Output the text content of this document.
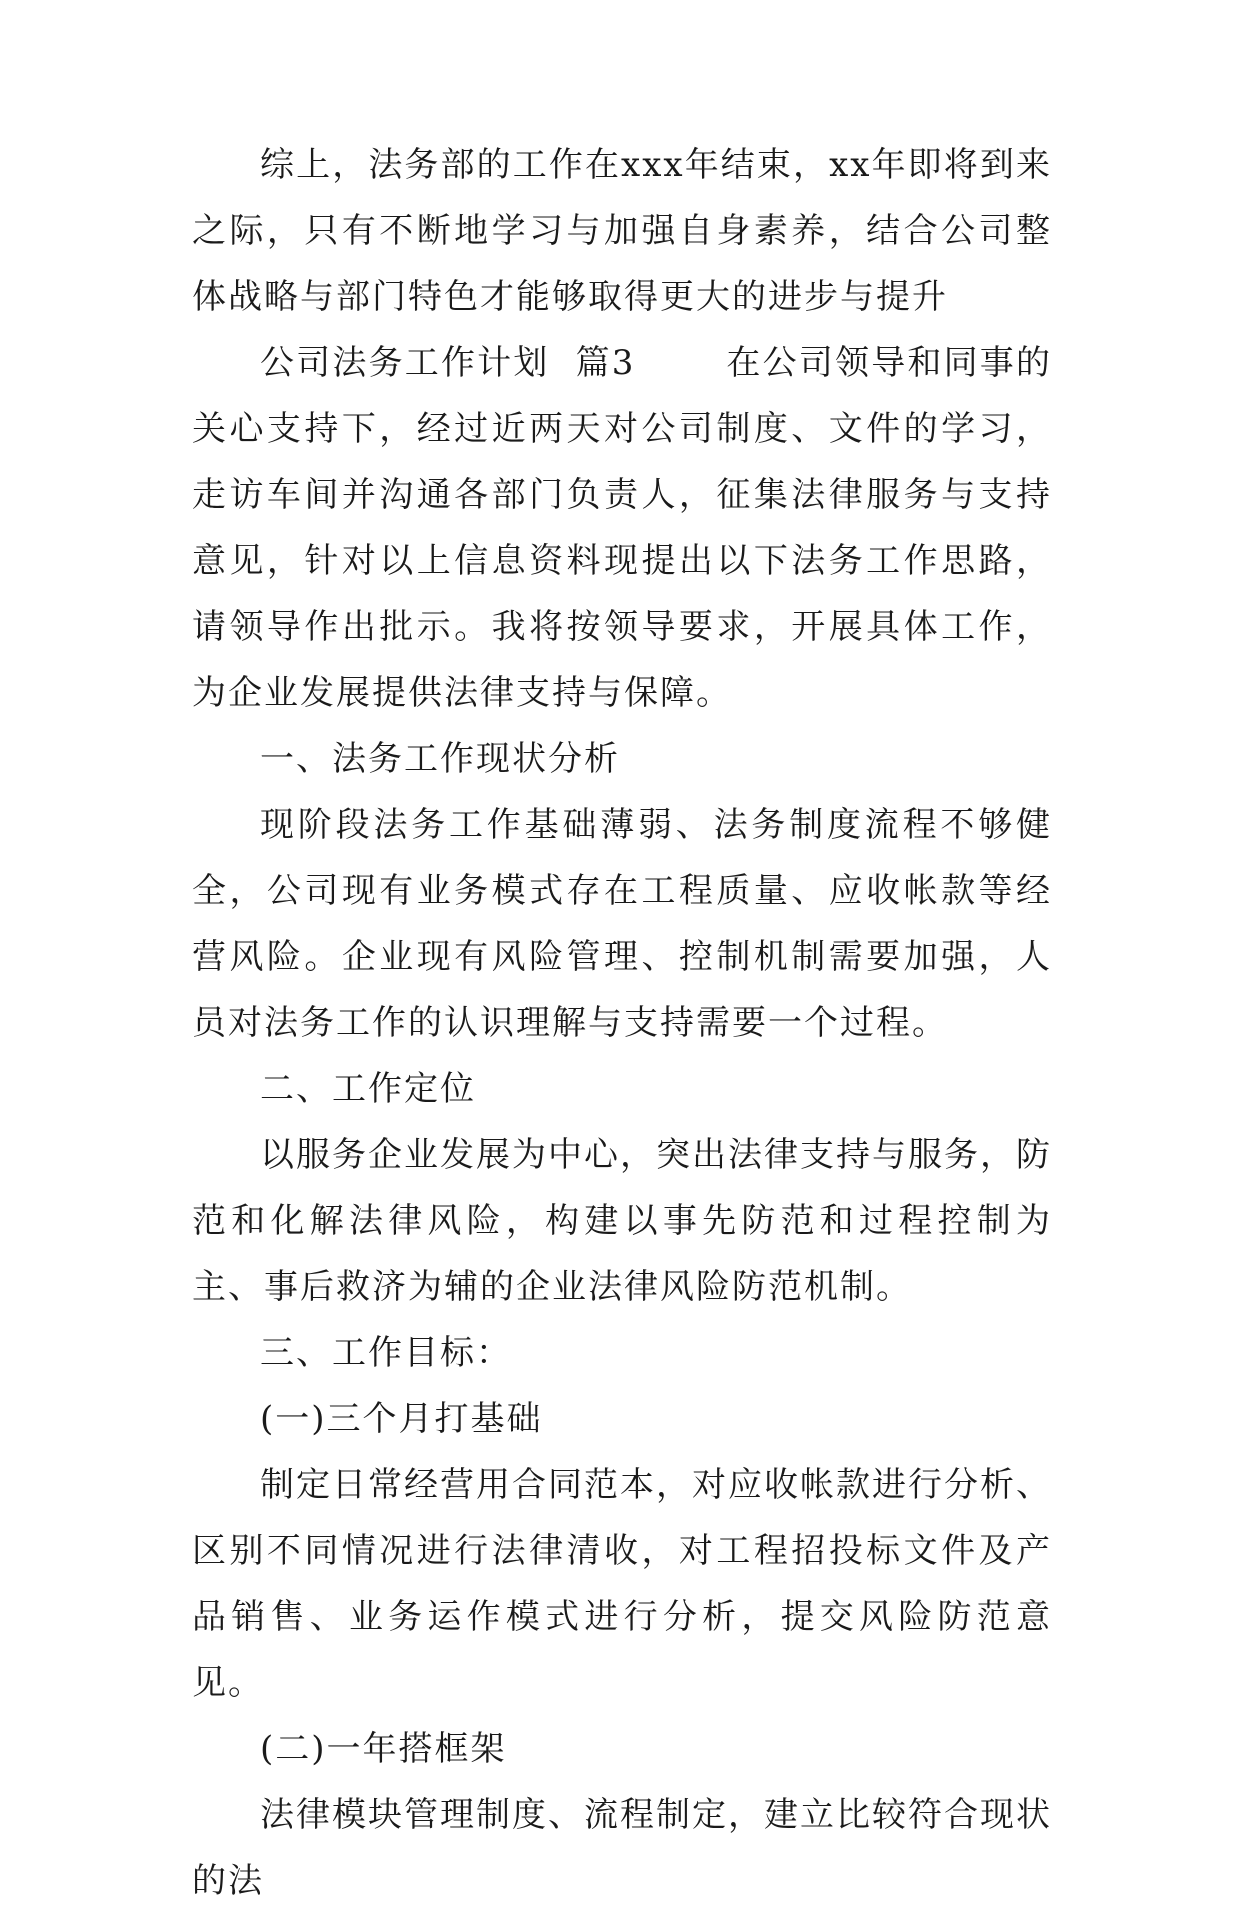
综上，法务部的工作在xxx年结束，xx年即将到来之际，只有不断地学习与加强自身素养，结合公司整体战略与部门特色才能够取得更大的进步与提升

公司法务工作计划  篇3       在公司领导和同事的关心支持下，经过近两天对公司制度、文件的学习，走访车间并沟通各部门负责人，征集法律服务与支持意见，针对以上信息资料现提出以下法务工作思路，请领导作出批示。我将按领导要求，开展具体工作，为企业发展提供法律支持与保障。

一、法务工作现状分析

现阶段法务工作基础薄弱、法务制度流程不够健全，公司现有业务模式存在工程质量、应收帐款等经营风险。企业现有风险管理、控制机制需要加强，人员对法务工作的认识理解与支持需要一个过程。

二、工作定位

以服务企业发展为中心，突出法律支持与服务，防范和化解法律风险，构建以事先防范和过程控制为主、事后救济为辅的企业法律风险防范机制。

三、工作目标：

(一)三个月打基础

制定日常经营用合同范本，对应收帐款进行分析、区别不同情况进行法律清收，对工程招投标文件及产品销售、业务运作模式进行分析，提交风险防范意见。

(二)一年搭框架

法律模块管理制度、流程制定，建立比较符合现状的法
